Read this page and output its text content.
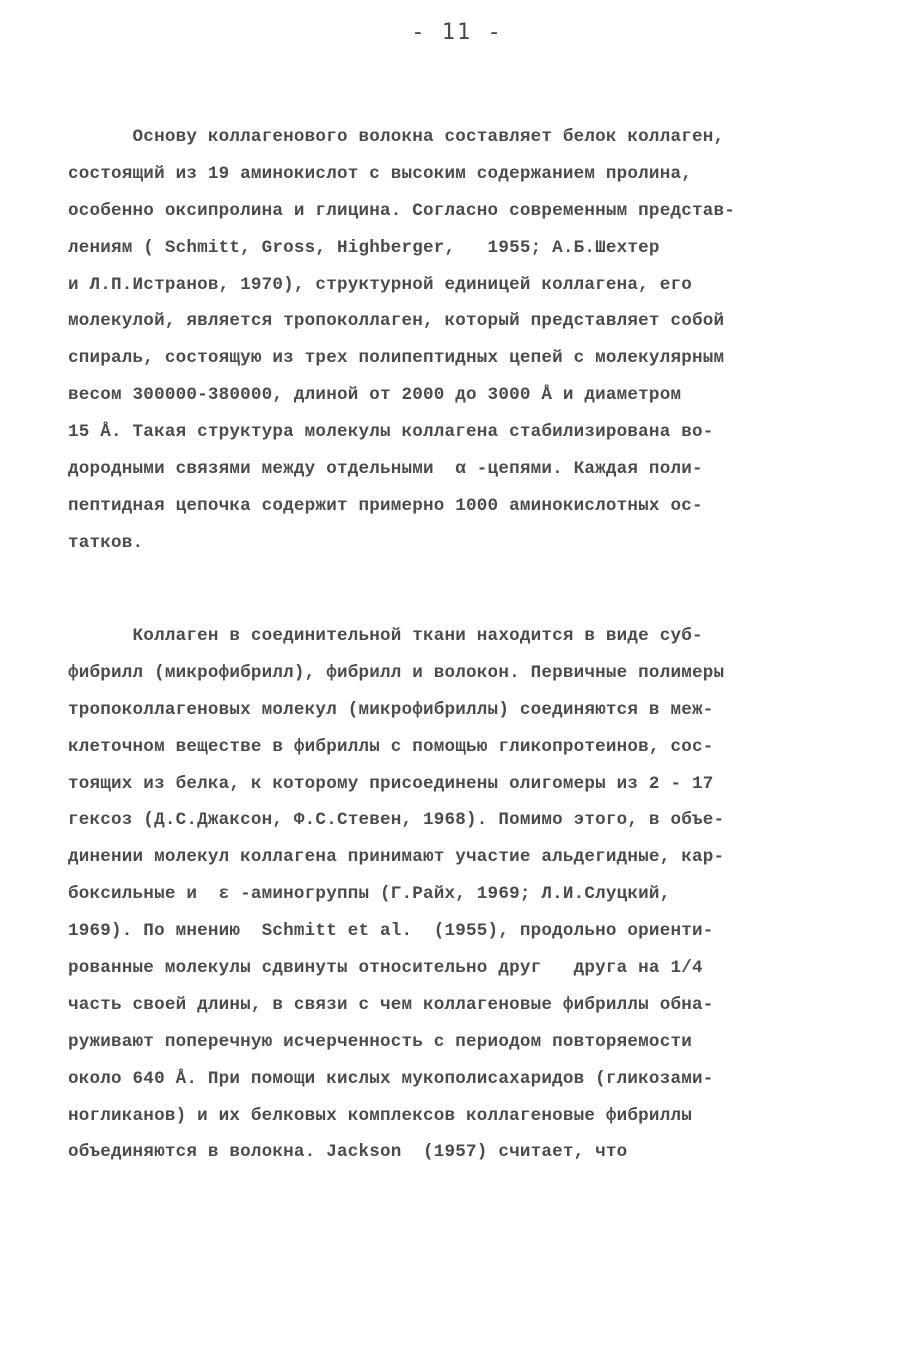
- 11 -
Основу коллагенового волокна составляет белок коллаген,
состоящий из 19 аминокислот с высоким содержанием пролина,
особенно оксипролина и глицина. Согласно современным представ-
лениям ( Schmitt, Gross, Highberger,   1955; А.Б.Шехтер
и Л.П.Истранов, 1970), структурной единицей коллагена, его
молекулой, является тропоколлаген, который представляет собой
спираль, состоящую из трех полипептидных цепей с молекулярным
весом 300000-380000, длиной от 2000 до 3000 Å и диаметром
15 Å. Такая структура молекулы коллагена стабилизирована во-
дородными связями между отдельными  α -цепями. Каждая поли-
пептидная цепочка содержит примерно 1000 аминокислотных ос-
татков.
Коллаген в соединительной ткани находится в виде суб-
фибрилл (микрофибрилл), фибрилл и волокон. Первичные полимеры
тропоколлагеновых молекул (микрофибриллы) соединяются в меж-
клеточном веществе в фибриллы с помощью гликопротеинов, сос-
тоящих из белка, к которому присоединены олигомеры из 2 - 17
гексоз (Д.С.Джаксон, Ф.С.Стевен, 1968). Помимо этого, в объе-
динении молекул коллагена принимают участие альдегидные, кар-
боксильные и  ε -аминогруппы (Г.Райх, 1969; Л.И.Слуцкий,
1969). По мнению  Schmitt et al.  (1955), продольно ориенти-
рованные молекулы сдвинуты относительно друг   друга на 1/4
часть своей длины, в связи с чем коллагеновые фибриллы обна-
руживают поперечную исчерченность с периодом повторяемости
около 640 Å. При помощи кислых мукополисахаридов (гликозами-
ногликанов) и их белковых комплексов коллагеновые фибриллы
объединяются в волокна. Jackson  (1957) считает, что
